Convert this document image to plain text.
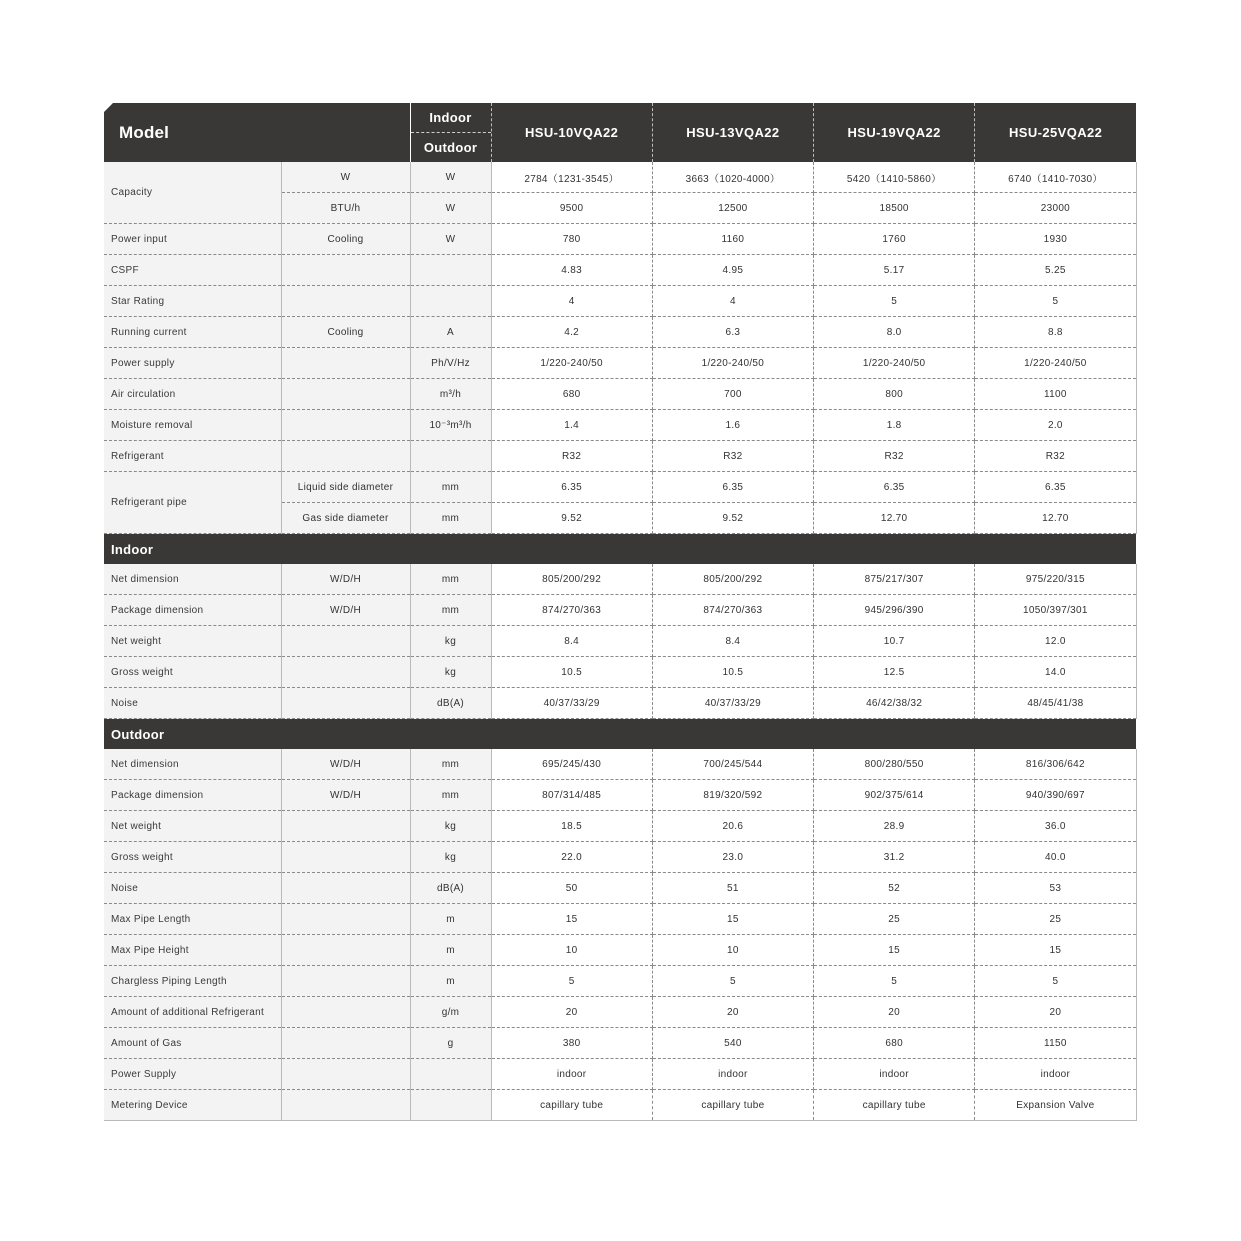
Model		Indoor
Outdoor	HSU-10VQA22	HSU-13VQA22	HSU-19VQA22	HSU-25VQA22
Capacity	W	W	2784（1231-3545）	3663（1020-4000）	5420（1410-5860）	6740（1410-7030）
	BTU/h	W	9500	12500	18500	23000
Power input	Cooling	W	780	1160	1760	1930
CSPF			4.83	4.95	5.17	5.25
Star Rating			4	4	5	5
Running current	Cooling	A	4.2	6.3	8.0	8.8
Power supply		Ph/V/Hz	1/220-240/50	1/220-240/50	1/220-240/50	1/220-240/50
Air circulation		m³/h	680	700	800	1100
Moisture removal		10⁻³m³/h	1.4	1.6	1.8	2.0
Refrigerant			R32	R32	R32	R32
Refrigerant pipe	Liquid side diameter	mm	6.35	6.35	6.35	6.35
	Gas side diameter	mm	9.52	9.52	12.70	12.70
Indoor						
Net dimension	W/D/H	mm	805/200/292	805/200/292	875/217/307	975/220/315
Package dimension	W/D/H	mm	874/270/363	874/270/363	945/296/390	1050/397/301
Net weight		kg	8.4	8.4	10.7	12.0
Gross weight		kg	10.5	10.5	12.5	14.0
Noise		dB(A)	40/37/33/29	40/37/33/29	46/42/38/32	48/45/41/38
Outdoor						
Net dimension	W/D/H	mm	695/245/430	700/245/544	800/280/550	816/306/642
Package dimension	W/D/H	mm	807/314/485	819/320/592	902/375/614	940/390/697
Net weight		kg	18.5	20.6	28.9	36.0
Gross weight		kg	22.0	23.0	31.2	40.0
Noise		dB(A)	50	51	52	53
Max Pipe Length		m	15	15	25	25
Max Pipe Height		m	10	10	15	15
Chargless Piping Length		m	5	5	5	5
Amount of additional Refrigerant		g/m	20	20	20	20
Amount of Gas		g	380	540	680	1150
Power Supply			indoor	indoor	indoor	indoor
Metering Device			capillary tube	capillary tube	capillary tube	Expansion Valve
